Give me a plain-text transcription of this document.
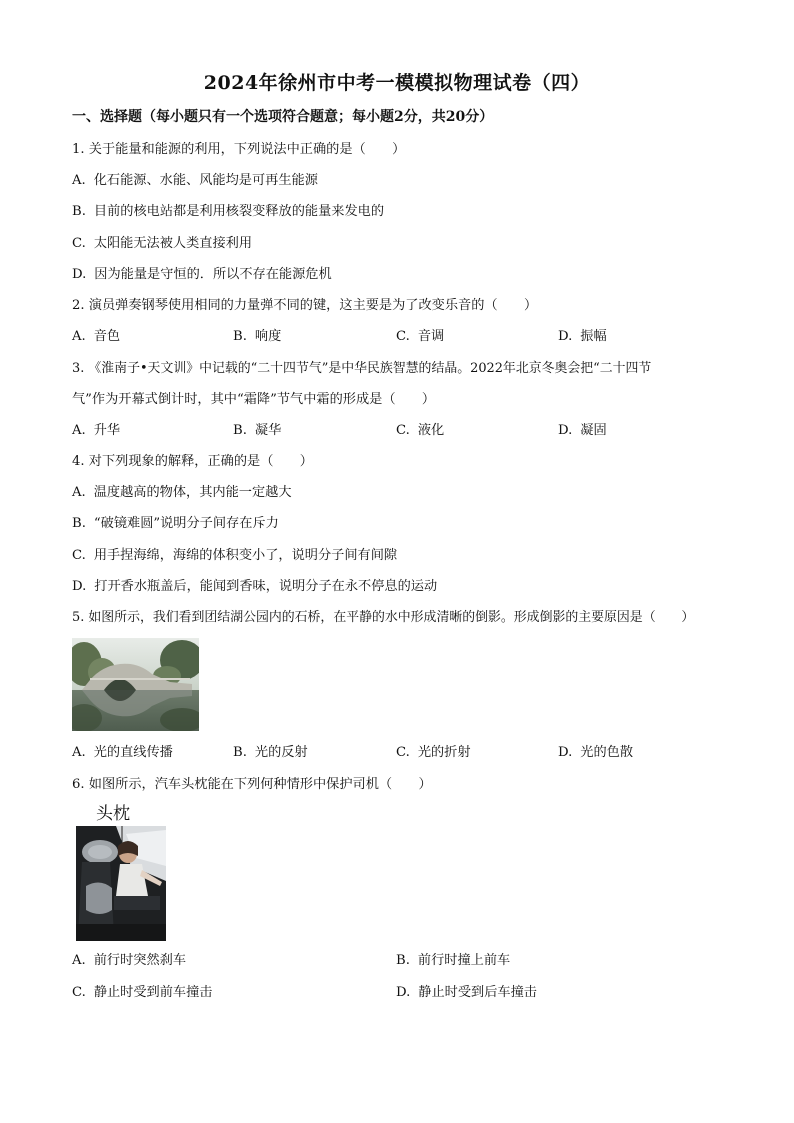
2024年徐州市中考一模模拟物理试卷（四）
一、选择题（每小题只有一个选项符合题意；每小题2分，共20分）
1. 关于能量和能源的利用，下列说法中正确的是（　　）
A. 化石能源、水能、风能均是可再生能源
B. 目前的核电站都是利用核裂变释放的能量来发电的
C. 太阳能无法被人类直接利用
D. 因为能量是守恒的．所以不存在能源危机
2. 演员弹奏钢琴使用相同的力量弹不同的键，这主要是为了改变乐音的（　　）
A. 音色	B. 响度	C. 音调	D. 振幅
3. 《淮南子•天文训》中记载的“二十四节气”是中华民族智慧的结晶。2022年北京冬奥会把“二十四节
气”作为开幕式倒计时，其中“霜降”节气中霜的形成是（　　）
A. 升华	B. 凝华	C. 液化	D. 凝固
4. 对下列现象的解释，正确的是（　　）
A. 温度越高的物体，其内能一定越大
B. “破镜难圆”说明分子间存在斥力
C. 用手捏海绵，海绵的体积变小了，说明分子间有间隙
D. 打开香水瓶盖后，能闻到香味，说明分子在永不停息的运动
5. 如图所示，我们看到团结湖公园内的石桥，在平静的水中形成清晰的倒影。形成倒影的主要原因是（　　）
A. 光的直线传播	B. 光的反射	C. 光的折射	D. 光的色散
6. 如图所示，汽车头枕能在下列何种情形中保护司机（　　）
头枕
A. 前行时突然刹车	B. 前行时撞上前车
C. 静止时受到前车撞击	D. 静止时受到后车撞击
